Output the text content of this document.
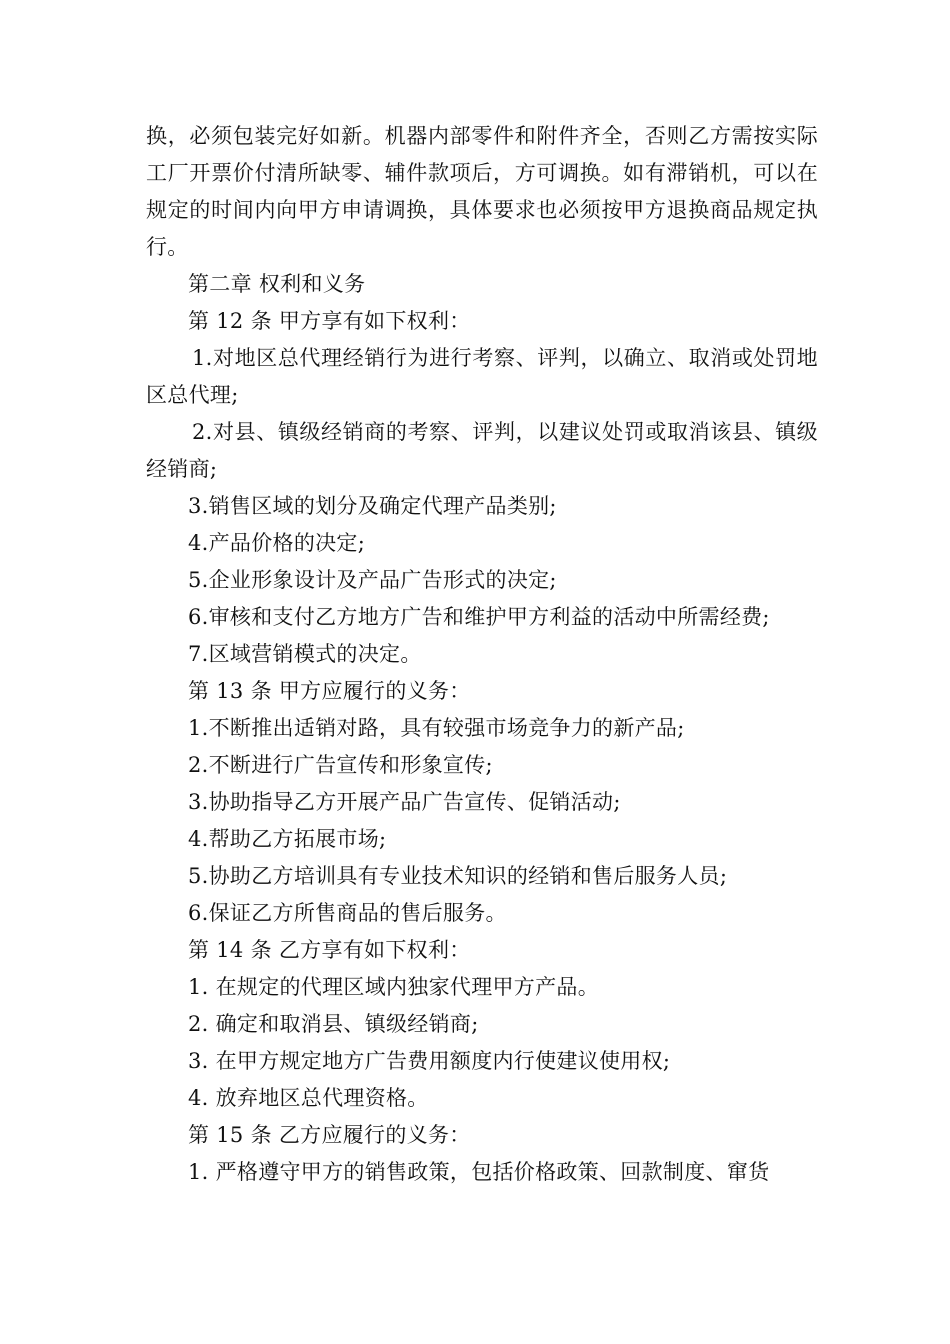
换，必须包装完好如新。机器内部零件和附件齐全，否则乙方需按实际工厂开票价付清所缺零、辅件款项后，方可调换。如有滞销机，可以在规定的时间内向甲方申请调换，具体要求也必须按甲方退换商品规定执行。

第二章 权利和义务

第 12 条 甲方享有如下权利：

1.对地区总代理经销行为进行考察、评判，以确立、取消或处罚地区总代理;

2.对县、镇级经销商的考察、评判，以建议处罚或取消该县、镇级经销商;

3.销售区域的划分及确定代理产品类别;

4.产品价格的决定;

5.企业形象设计及产品广告形式的决定;

6.审核和支付乙方地方广告和维护甲方利益的活动中所需经费;

7.区域营销模式的决定。

第 13 条 甲方应履行的义务：

1.不断推出适销对路，具有较强市场竞争力的新产品;

2.不断进行广告宣传和形象宣传;

3.协助指导乙方开展产品广告宣传、促销活动;

4.帮助乙方拓展市场;

5.协助乙方培训具有专业技术知识的经销和售后服务人员;

6.保证乙方所售商品的售后服务。

第 14 条 乙方享有如下权利：

1. 在规定的代理区域内独家代理甲方产品。

2. 确定和取消县、镇级经销商;

3. 在甲方规定地方广告费用额度内行使建议使用权;

4. 放弃地区总代理资格。

第 15 条 乙方应履行的义务：

1. 严格遵守甲方的销售政策，包括价格政策、回款制度、窜货
